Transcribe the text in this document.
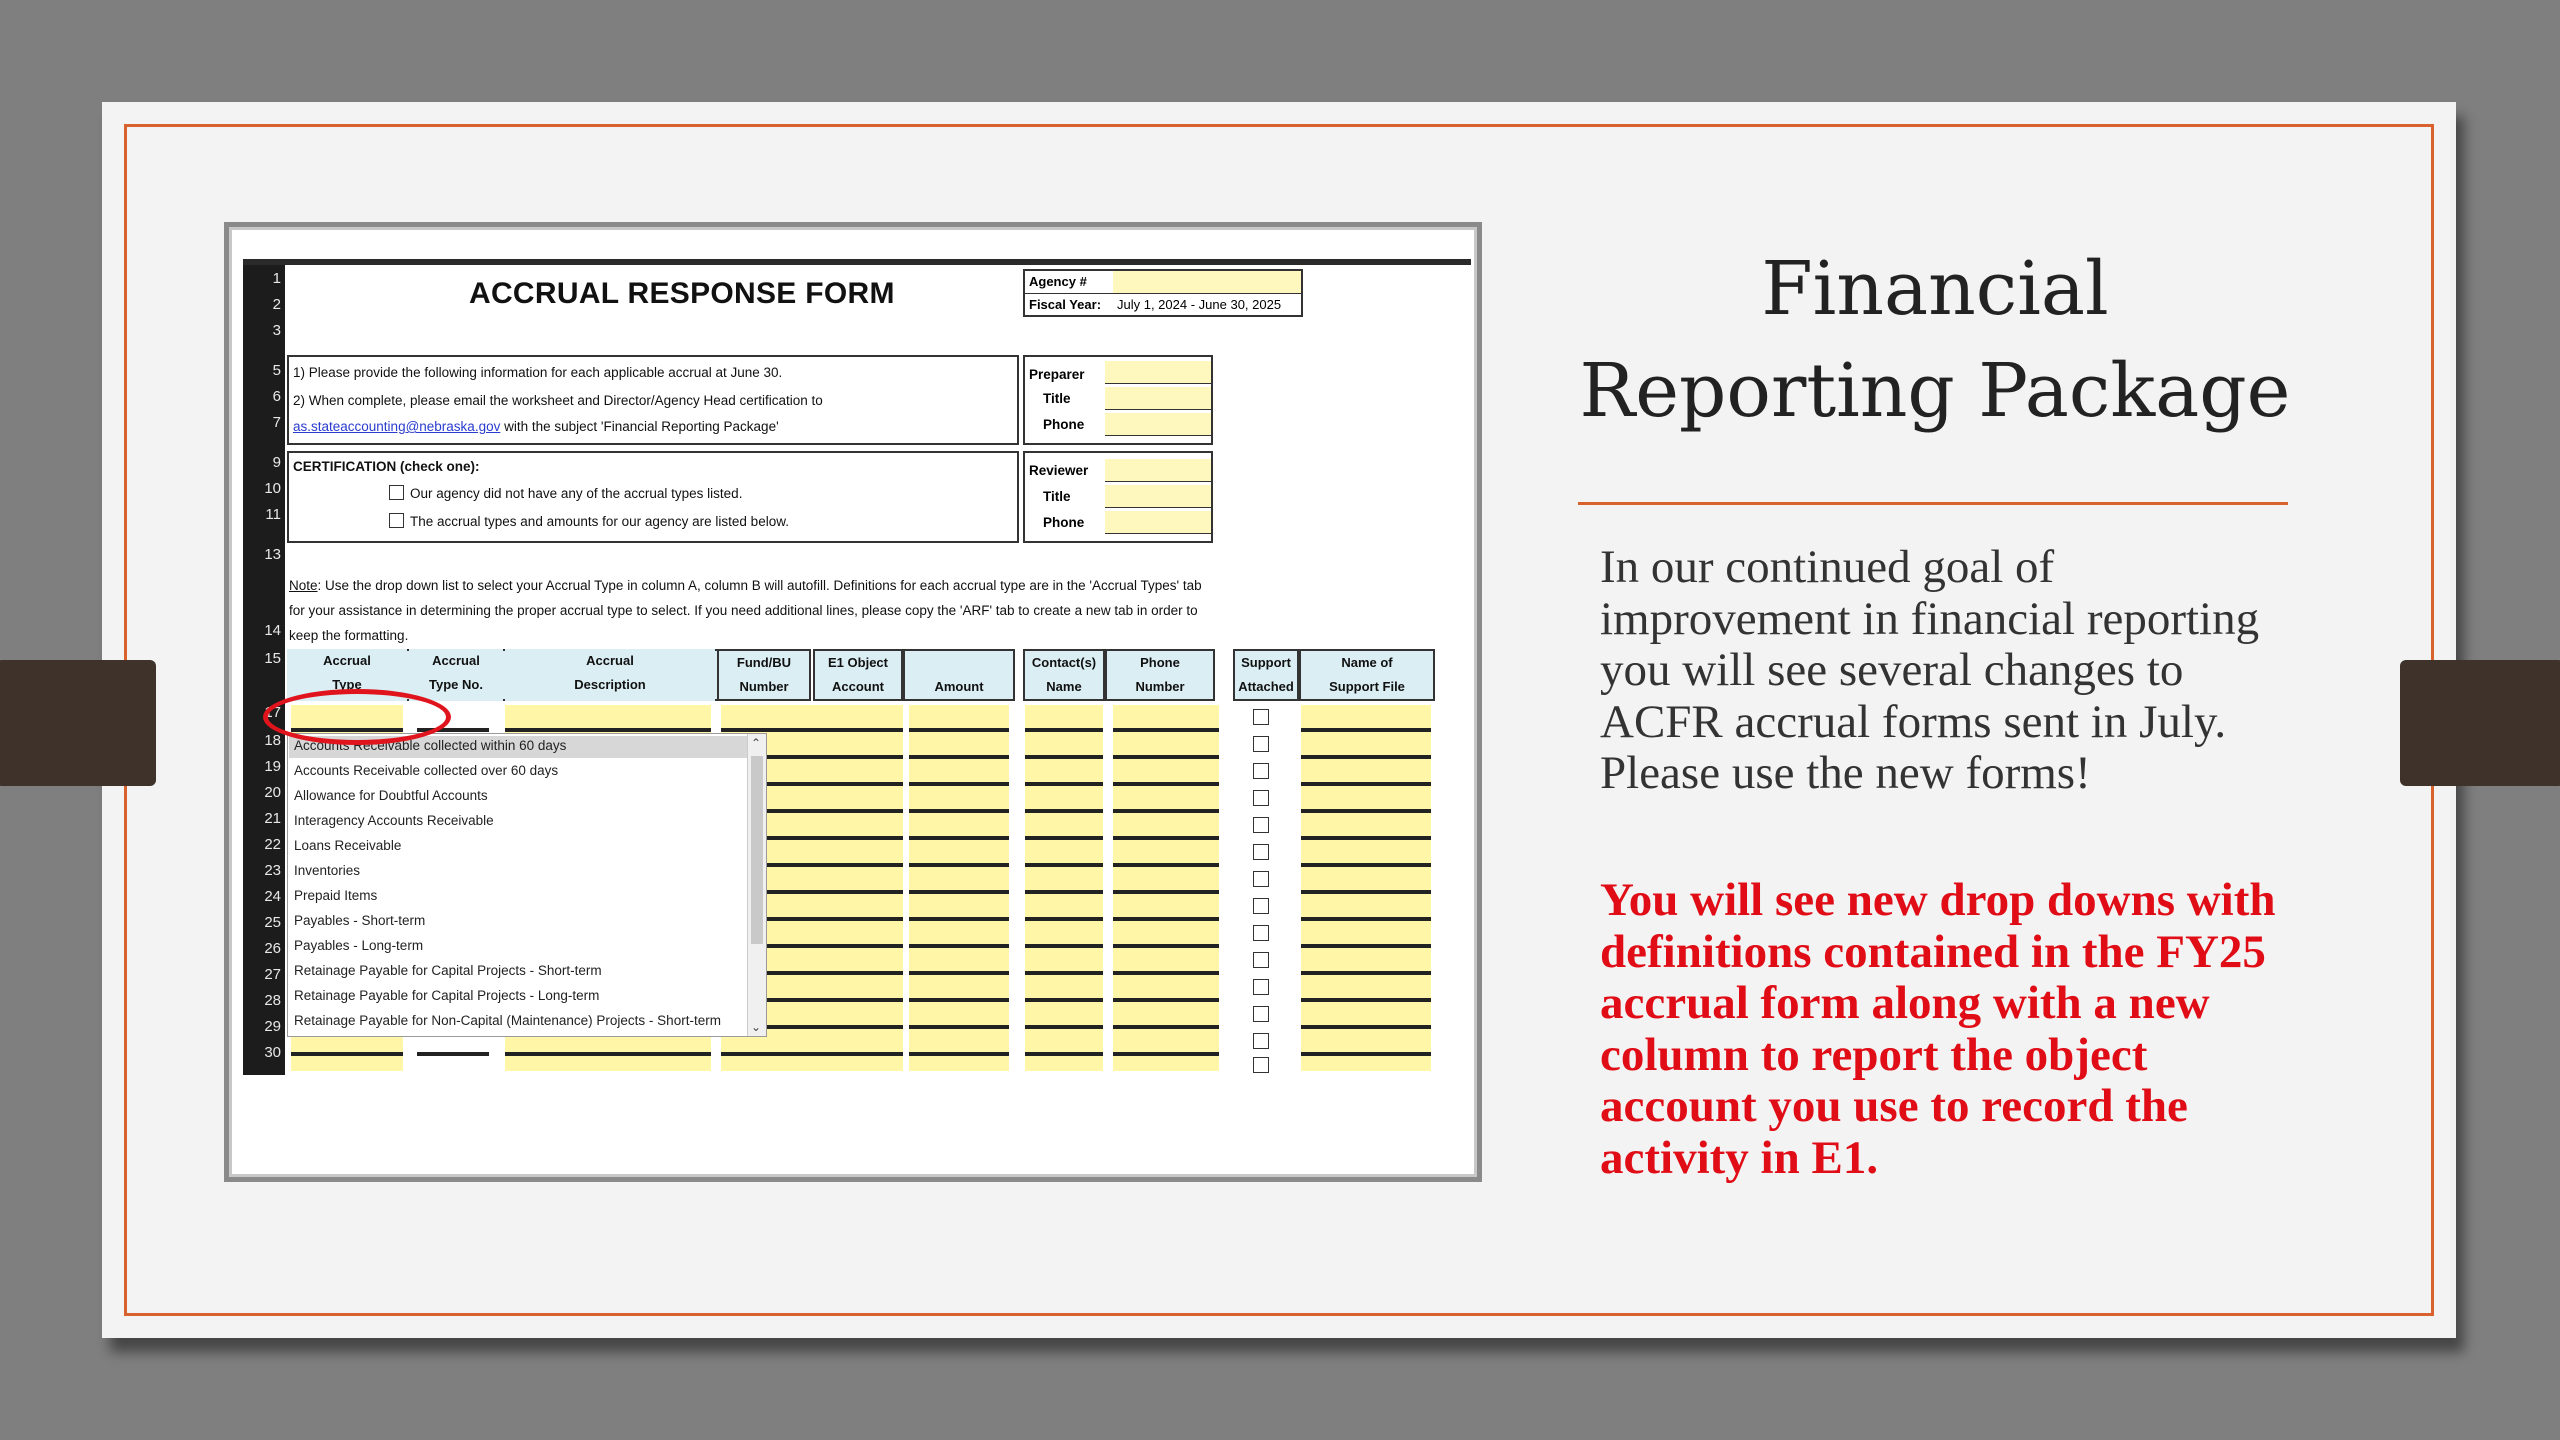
1
2
3
5
6
7
9
10
11
13
14
15
17
18
19
20
21
22
23
24
25
26
27
28
29
30
ACCRUAL RESPONSE FORM	Agency #
Fiscal Year: July 1, 2024 - June 30, 2025
1) Please provide the following information for each applicable accrual at June 30.
2) When complete, please email the worksheet and Director/Agency Head certification to
as.stateaccounting@nebraska.gov with the subject 'Financial Reporting Package'
Preparer
Title
Phone
CERTIFICATION (check one):
Our agency did not have any of the accrual types listed.
The accrual types and amounts for our agency are listed below.
Reviewer
Title
Phone
Note: Use the drop down list to select your Accrual Type in column A, column B will autofill. Definitions for each accrual type are in the 'Accrual Types' tab
for your assistance in determining the proper accrual type to select. If you need additional lines, please copy the 'ARF' tab to create a new tab in order to
keep the formatting.
Accrual
Type
Accrual
Type No.
Accrual
Description
Fund/BU
Number
E1 Object
Account
	Amount
Contact(s)
Name
Phone
Number
Support
Attached
Name of
Support File
Accounts Receivable collected within 60 days
Accounts Receivable collected over 60 days
Allowance for Doubtful Accounts
Interagency Accounts Receivable
Loans Receivable
Inventories
Prepaid Items
Payables - Short-term
Payables - Long-term
Retainage Payable for Capital Projects - Short-term
Retainage Payable for Capital Projects - Long-term
Retainage Payable for Non-Capital (Maintenance) Projects - Short-term
⌃
⌄
Financial
Reporting Package
In our continued goal of improvement in financial reporting you will see several changes to ACFR accrual forms sent in July. Please use the new forms!
You will see new drop downs with definitions contained in the FY25 accrual form along with a new column to report the object account you use to record the activity in E1.
